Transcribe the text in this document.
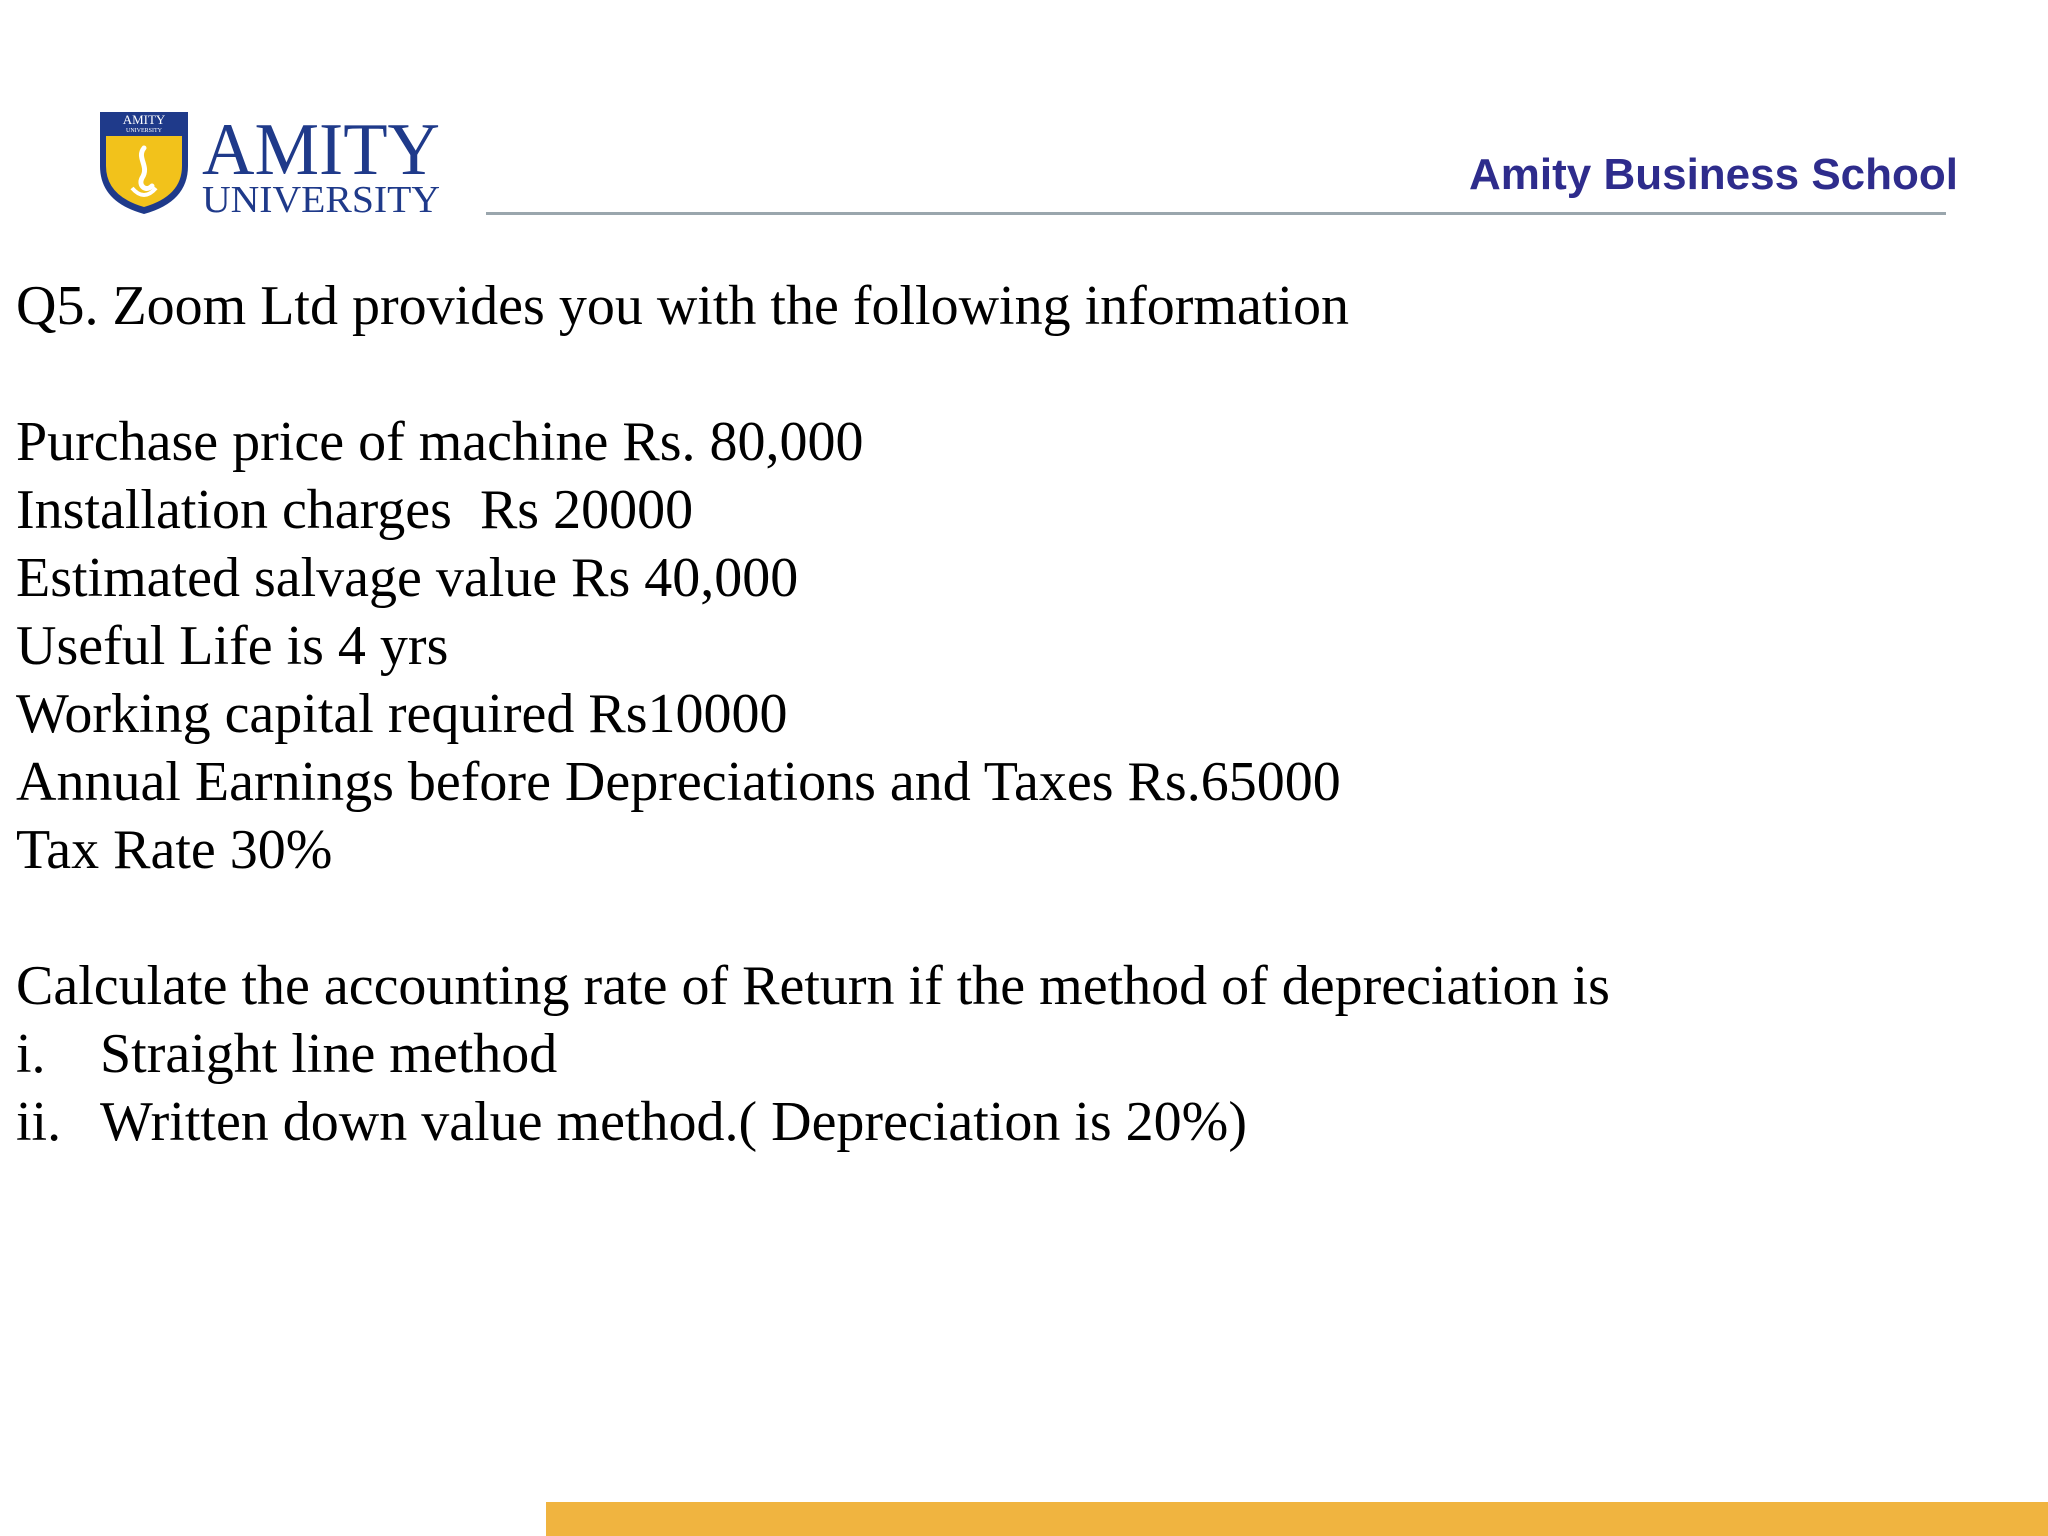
AMITY
UNIVERSITY AMITY
UNIVERSITY
Amity Business School
Q5. Zoom Ltd provides you with the following information
Purchase price of machine Rs. 80,000
Installation charges  Rs 20000
Estimated salvage value Rs 40,000
Useful Life is 4 yrs
Working capital required Rs10000
Annual Earnings before Depreciations and Taxes Rs.65000
Tax Rate 30%
Calculate the accounting rate of Return if the method of depreciation is
i. Straight line method
ii. Written down value method.( Depreciation is 20%)
